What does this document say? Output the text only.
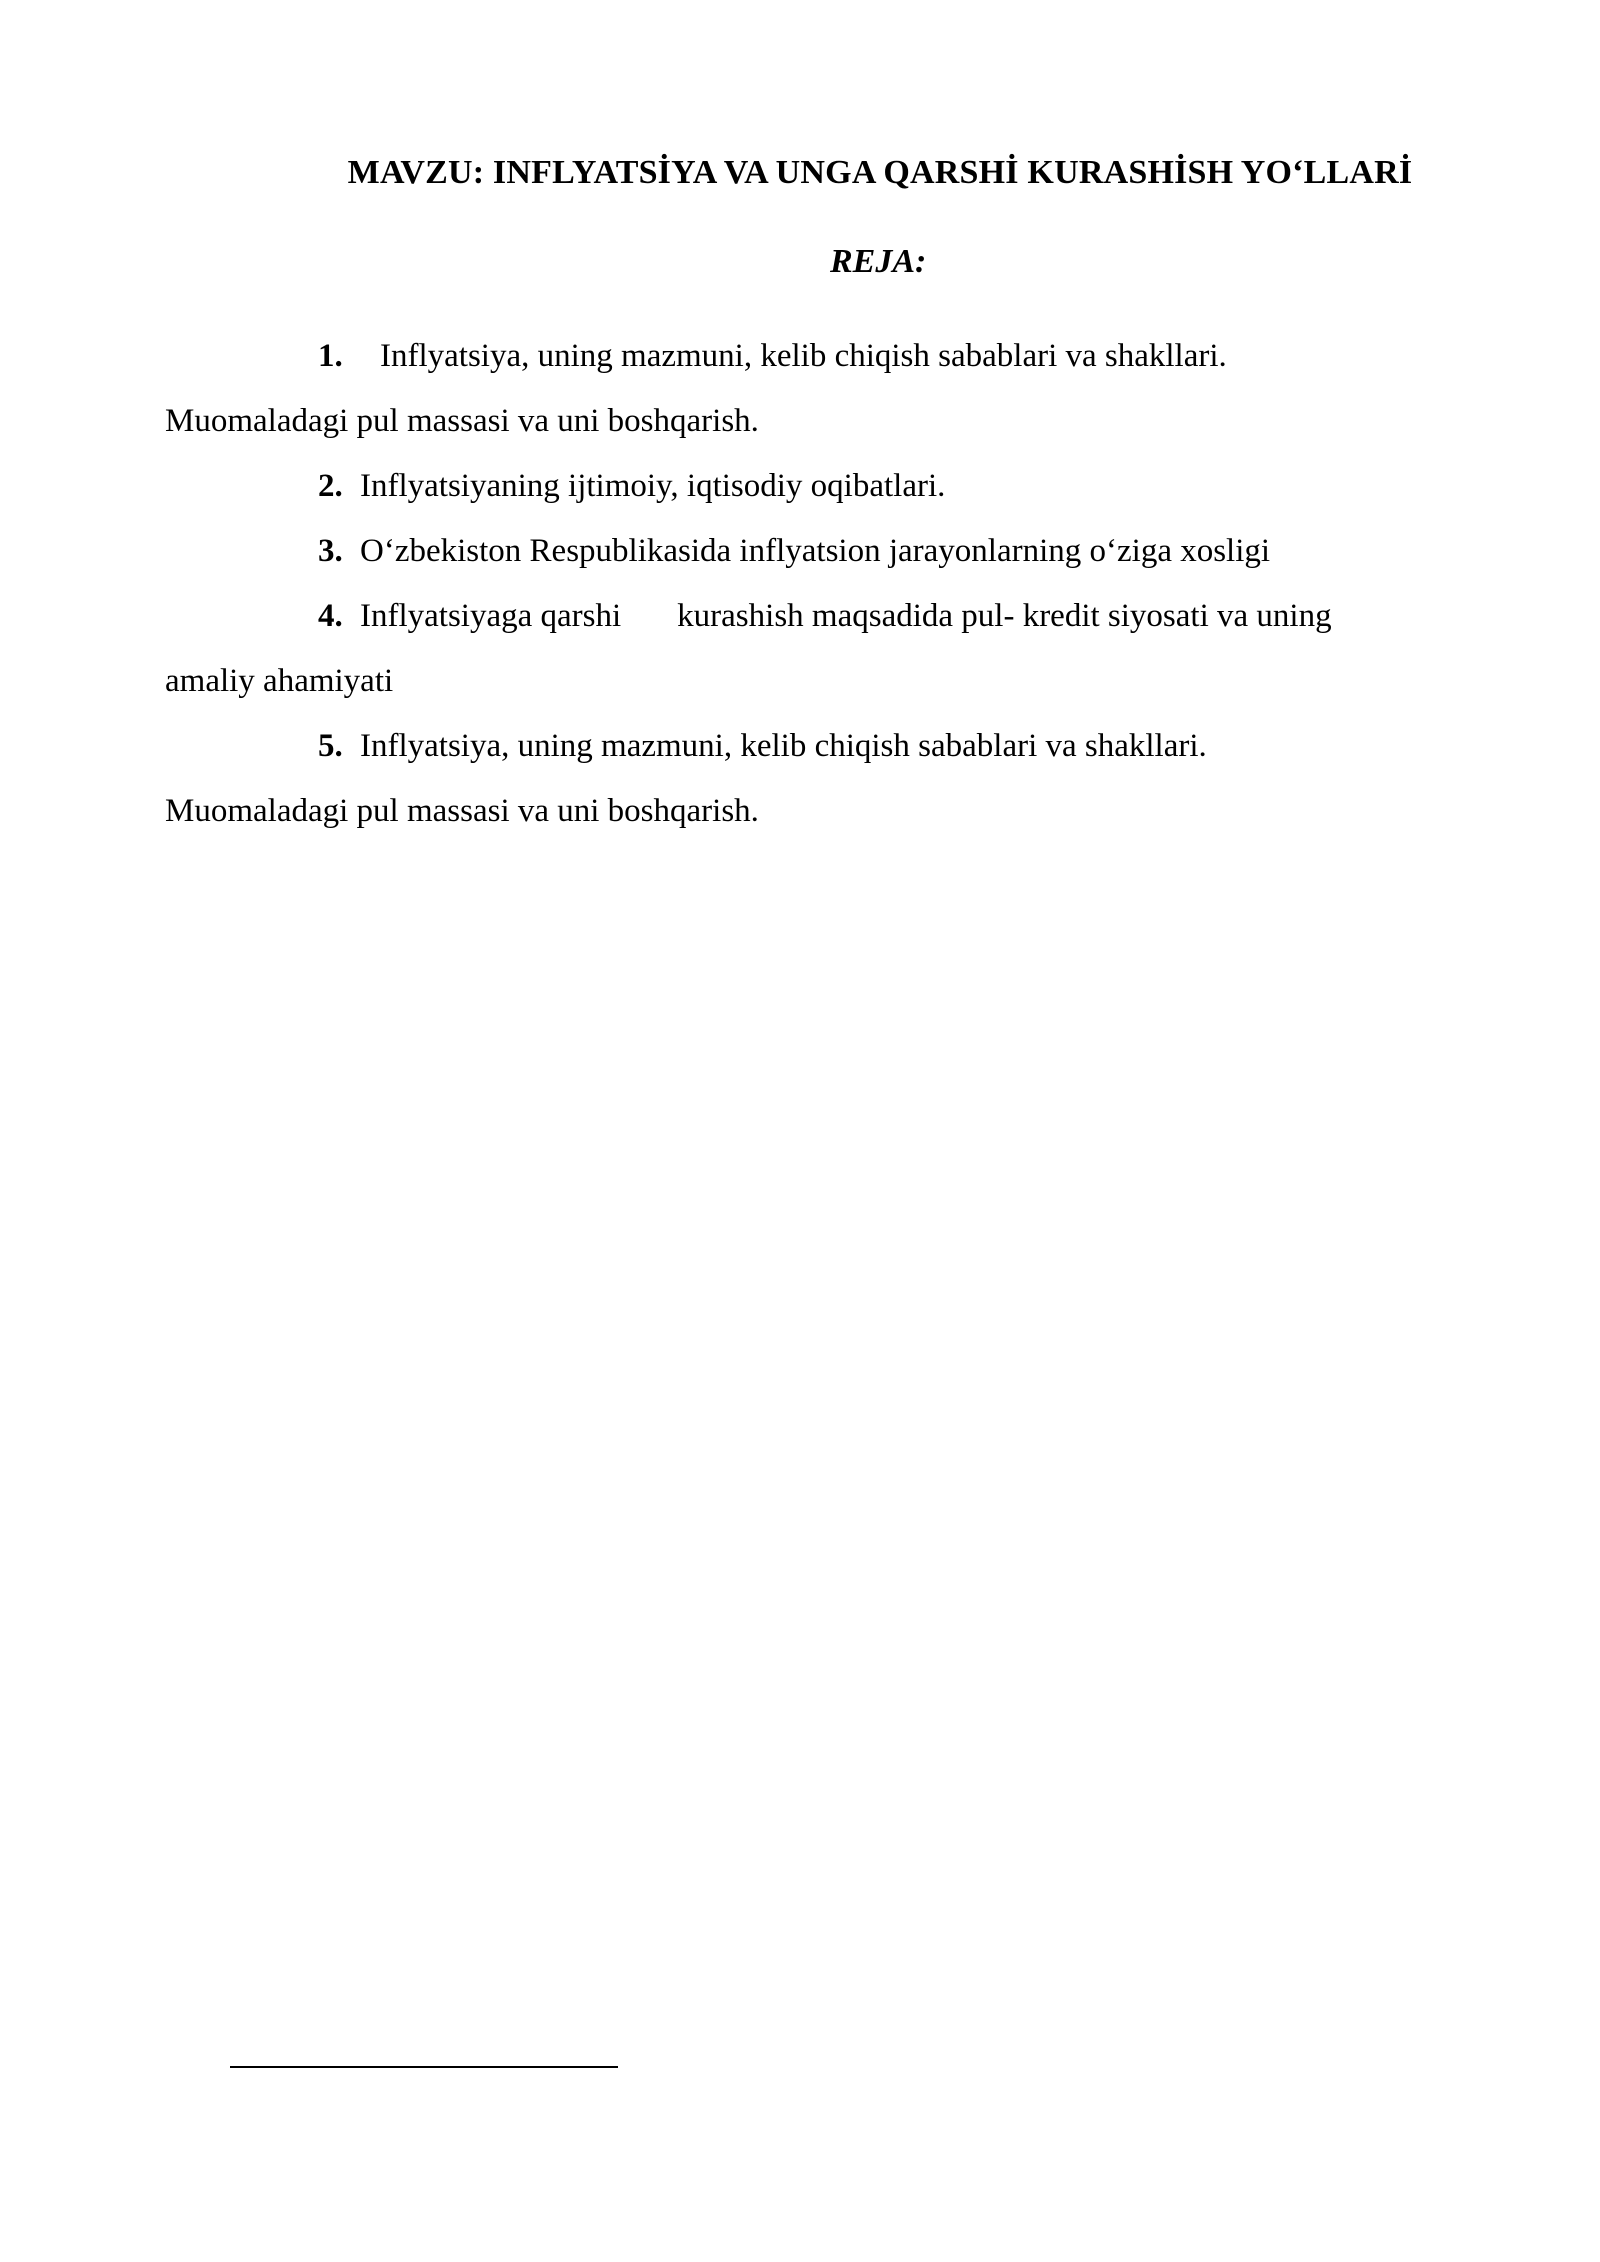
MAVZU: INFLYATSİYA VA UNGA QARSHİ KURASHİSH YO‘LLARİ
REJA:
1. Inflyatsiya, uning mazmuni, kelib chiqish sabablari va shakllari.
Muomaladagi pul massasi va uni boshqarish.
2. Inflyatsiyaning ijtimoiy, iqtisodiy oqibatlari.
3. O‘zbekiston Respublikasida inflyatsion jarayonlarning o‘ziga xosligi
4. Inflyatsiyaga qarshi kurashish maqsadida pul- kredit siyosati va uning
amaliy ahamiyati
5. Inflyatsiya, uning mazmuni, kelib chiqish sabablari va shakllari.
Muomaladagi pul massasi va uni boshqarish.
